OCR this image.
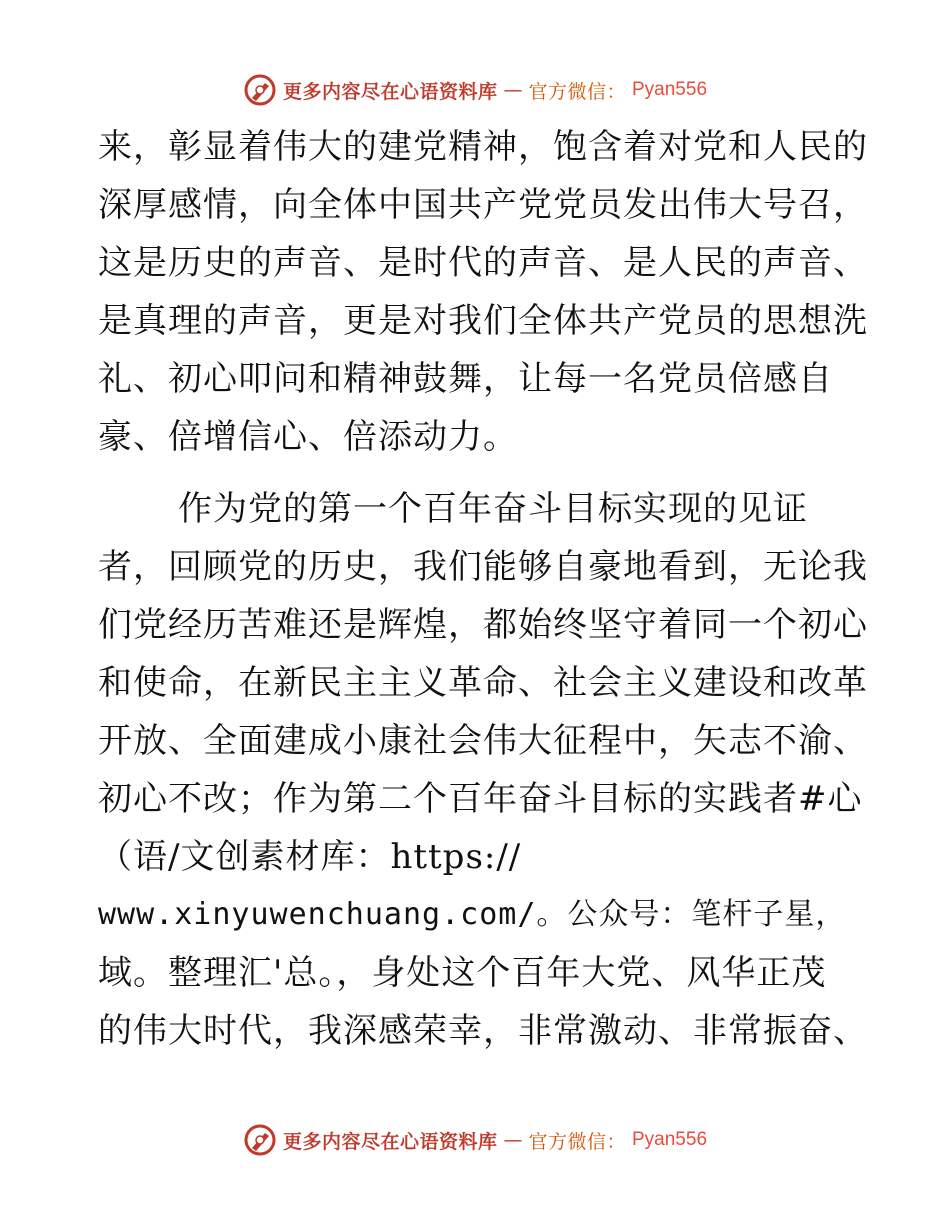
更多内容尽在心语资料库 — 官方微信： Pyan556
来，彰显着伟大的建党精神，饱含着对党和人民的
深厚感情，向全体中国共产党党员发出伟大号召，
这是历史的声音、是时代的声音、是人民的声音、
是真理的声音，更是对我们全体共产党员的思想洗
礼、初心叩问和精神鼓舞，让每一名党员倍感自
豪、倍增信心、倍添动力。
作为党的第一个百年奋斗目标实现的见证
者，回顾党的历史，我们能够自豪地看到，无论我
们党经历苦难还是辉煌，都始终坚守着同一个初心
和使命，在新民主主义革命、社会主义建设和改革
开放、全面建成小康社会伟大征程中，矢志不渝、
初心不改；作为第二个百年奋斗目标的实践者#心
（语/文创素材库：https://
www.xinyuwenchuang.com/。公众号：笔杆子星，
域。整理汇'总。，身处这个百年大党、风华正茂
的伟大时代，我深感荣幸，非常激动、非常振奋、
更多内容尽在心语资料库 — 官方微信： Pyan556
